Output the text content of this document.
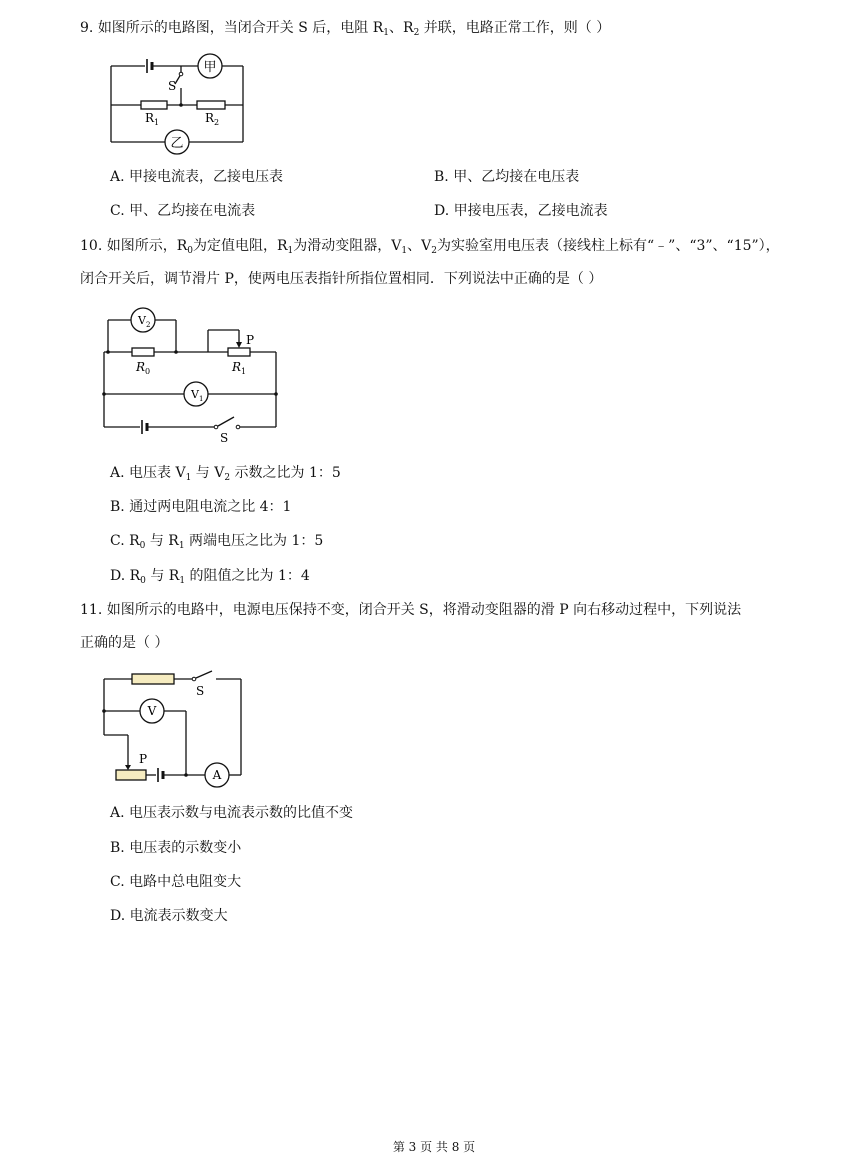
9. 如图所示的电路图，当闭合开关 S 后，电阻 $R_1$、$R_2$ 并联，电路正常工作，则（ ）
甲
乙
S
R 1	R 2
A. 甲接电流表，乙接电压表	B. 甲、乙均接在电压表
C. 甲、乙均接在电流表	D. 甲接电压表，乙接电流表
10. 如图所示，$R_0$为定值电阻，$R_1$为滑动变阻器，$V_1$、$V_2$为实验室用电压表（接线柱上标有“﹣”、“3”、“15”），
闭合开关后，调节滑片 P，使两电压表指针所指位置相同．下列说法中正确的是（ ）
V 2
V 1
R 0	R 1
P
S
A. 电压表 $V_1$ 与 $V_2$ 示数之比为 1：5
B. 通过两电阻电流之比 4：1
C. $R_0$ 与 $R_1$ 两端电压之比为 1：5
D. $R_0$ 与 $R_1$ 的阻值之比为 1：4
11. 如图所示的电路中，电源电压保持不变，闭合开关 S，将滑动变阻器的滑 P 向右移动过程中，下列说法
正确的是（ ）
S
V
A
P
A. 电压表示数与电流表示数的比值不变
B. 电压表的示数变小
C. 电路中总电阻变大
D. 电流表示数变大
第 3 页 共 8 页
